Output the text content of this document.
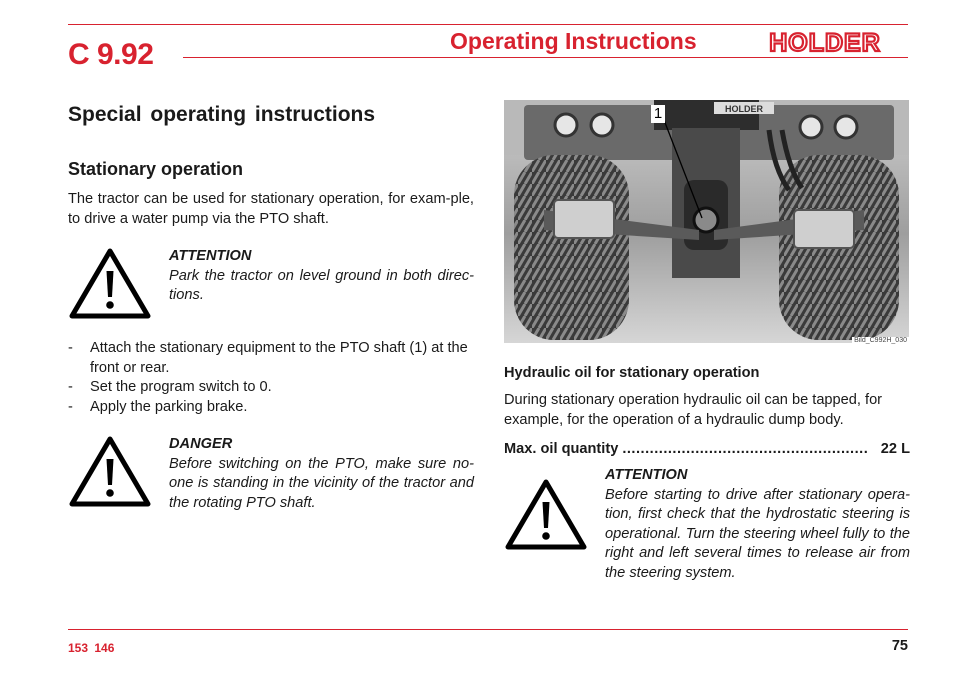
C 9.92	Operating Instructions	HOLDER
Special operating instructions
Stationary operation

The tractor can be used for stationary operation, for exam-ple, to drive a water pump via the PTO shaft.

ATTENTION
Park the tractor on level ground in both direc-tions.
- Attach the stationary equipment to the PTO shaft (1) at the front or rear.
- Set the program switch to 0.
- Apply the parking brake.
DANGER
Before switching on the PTO, make sure no-one is standing in the vicinity of the tractor and the rotating PTO shaft.
HOLDER
1
Bild_C992H_030
Hydraulic oil for stationary operation

During stationary operation hydraulic oil can be tapped, for example, for the operation of a hydraulic dump body.

Max. oil quantity ...................................................... 22 L
ATTENTION
Before starting to drive after stationary opera-tion, first check that the hydrostatic steering is operational. Turn the steering wheel fully to the right and left several times to release air from the steering system.
153 146	75
